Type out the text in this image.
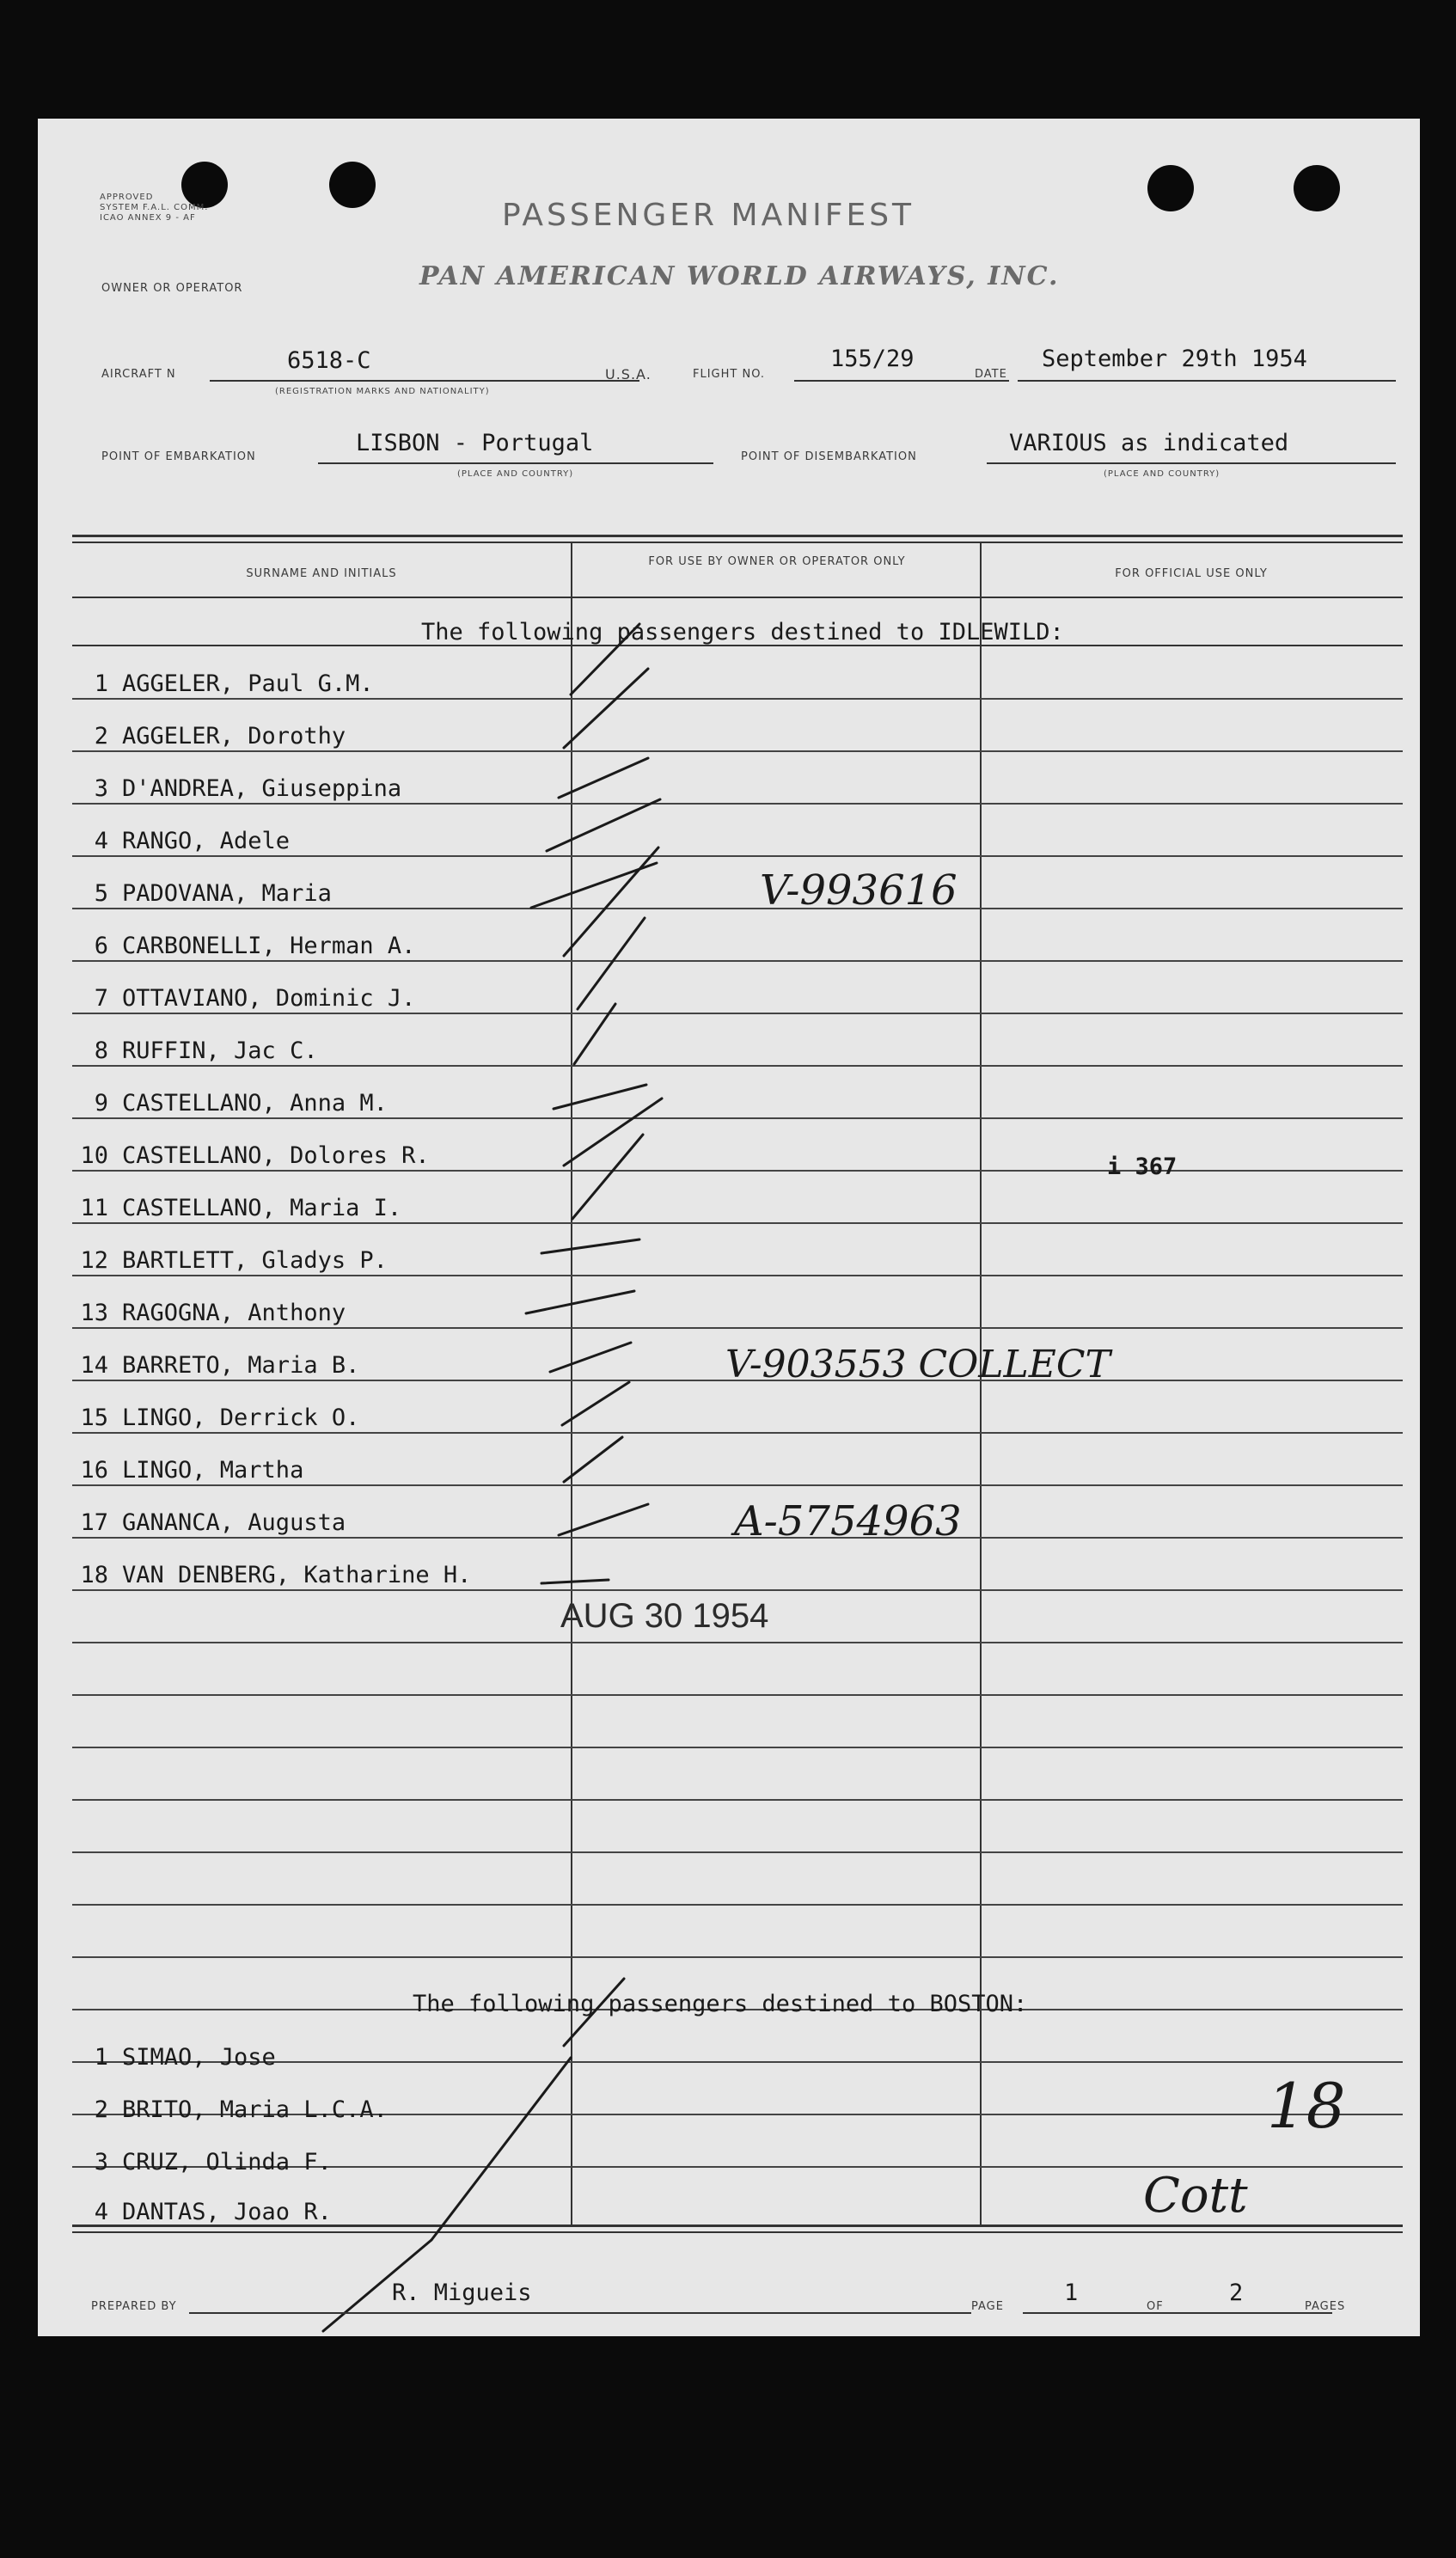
APPROVED
SYSTEM F.A.L. COMM.
ICAO ANNEX 9 - AF	PASSENGER MANIFEST
PAN AMERICAN WORLD AIRWAYS, INC.
OWNER OR OPERATOR
AIRCRAFT N
6518-C
(REGISTRATION MARKS AND NATIONALITY)
U.S.A.	FLIGHT NO.
155/29
DATE
September 29th 1954
POINT OF EMBARKATION
LISBON - Portugal
(PLACE AND COUNTRY)
POINT OF DISEMBARKATION
VARIOUS as indicated
(PLACE AND COUNTRY)
SURNAME AND INITIALS
FOR USE BY OWNER OR OPERATOR ONLY
FOR OFFICIAL USE ONLY
The following passengers destined to IDLEWILD:
1 AGGELER, Paul G.M.
2 AGGELER, Dorothy
3 D'ANDREA, Giuseppina
4 RANGO, Adele
5 PADOVANA, Maria
6 CARBONELLI, Herman A.
7 OTTAVIANO, Dominic J.
8 RUFFIN, Jac C.
9 CASTELLANO, Anna M.
10 CASTELLANO, Dolores R.
11 CASTELLANO, Maria I.
12 BARTLETT, Gladys P.
13 RAGOGNA, Anthony
14 BARRETO, Maria B.
15 LINGO, Derrick O.
16 LINGO, Martha
17 GANANCA, Augusta
18 VAN DENBERG, Katharine H.
V-993616
V-903553 COLLECT
A-5754963
i 367
AUG 30 1954
The following passengers destined to BOSTON:
1 SIMAO, Jose
2 BRITO, Maria L.C.A.
3 CRUZ, Olinda F.
4 DANTAS, Joao R.
18
Cott
PREPARED BY
R. Migueis
PAGE
1
OF
2
PAGES
